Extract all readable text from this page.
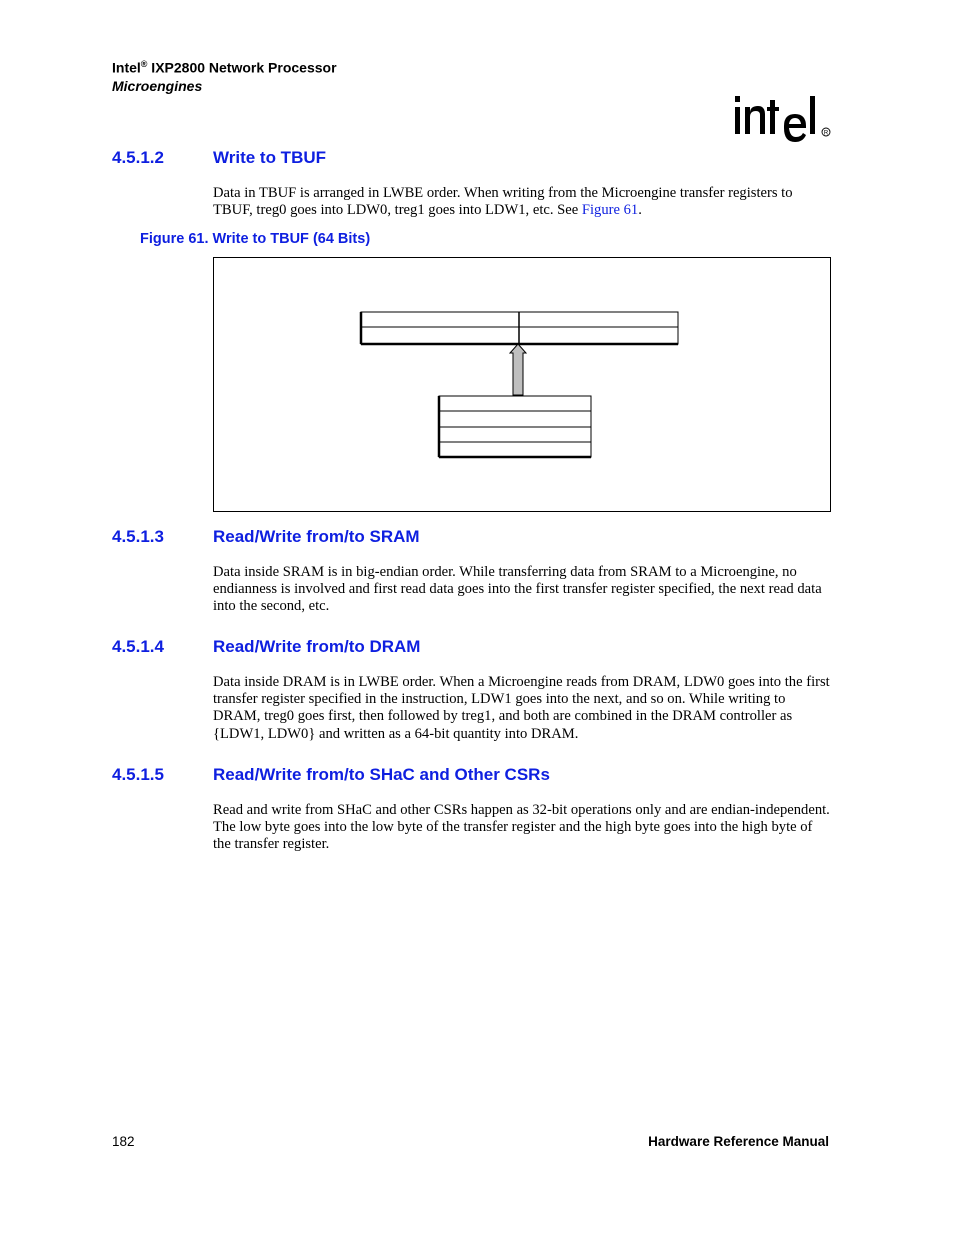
Intel® IXP2800 Network Processor
Microengines
R
4.5.1.2	Write to TBUF
Data in TBUF is arranged in LWBE order. When writing from the Microengine transfer registers to TBUF, treg0 goes into LDW0, treg1 goes into LDW1, etc. See Figure 61.
Figure 61. Write to TBUF (64 Bits)
4.5.1.3	Read/Write from/to SRAM
Data inside SRAM is in big-endian order. While transferring data from SRAM to a Microengine, no endianness is involved and first read data goes into the first transfer register specified, the next read data into the second, etc.
4.5.1.4	Read/Write from/to DRAM
Data inside DRAM is in LWBE order. When a Microengine reads from DRAM, LDW0 goes into the first transfer register specified in the instruction, LDW1 goes into the next, and so on. While writing to DRAM, treg0 goes first, then followed by treg1, and both are combined in the DRAM controller as {LDW1, LDW0} and written as a 64-bit quantity into DRAM.
4.5.1.5	Read/Write from/to SHaC and Other CSRs
Read and write from SHaC and other CSRs happen as 32-bit operations only and are endian-independent. The low byte goes into the low byte of the transfer register and the high byte goes into the high byte of the transfer register.
182	Hardware Reference Manual
